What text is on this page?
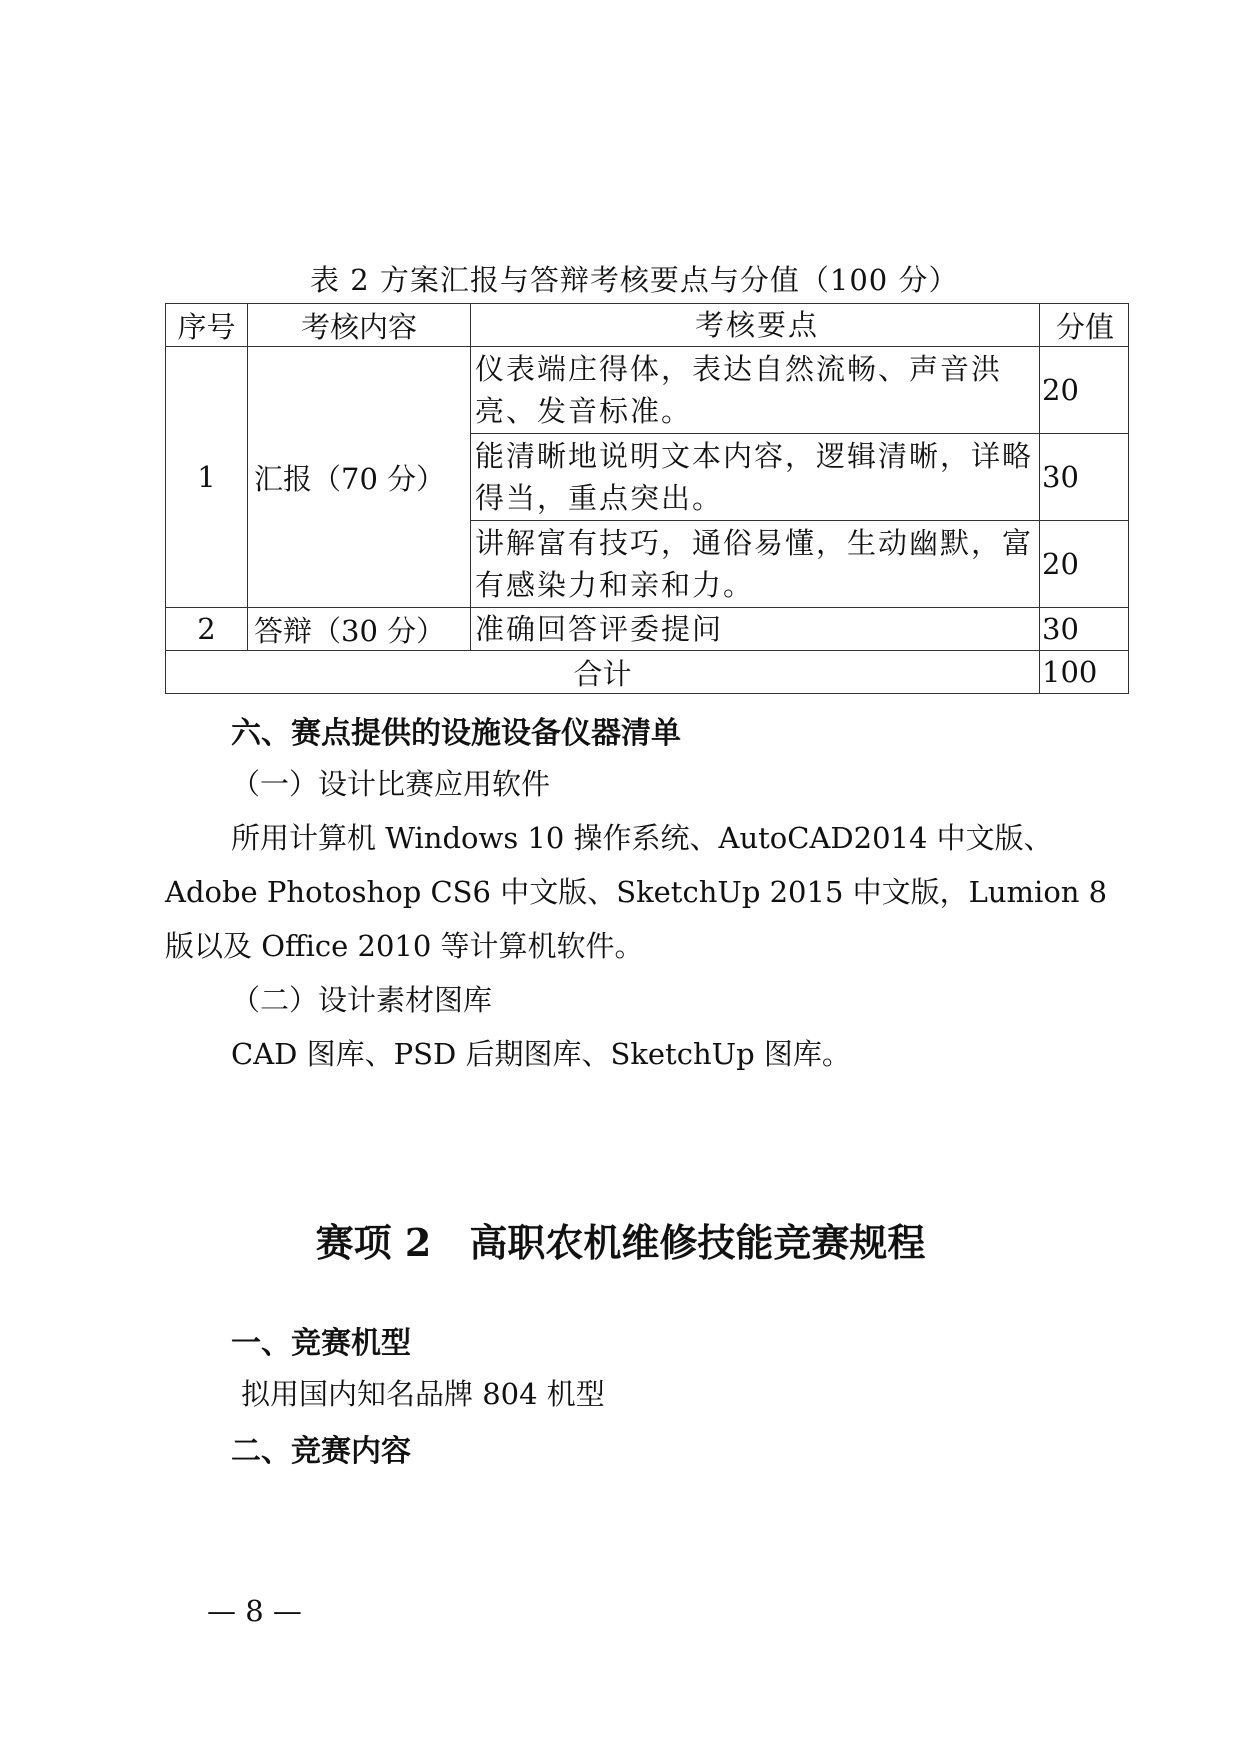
表 2 方案汇报与答辩考核要点与分值（100 分）
序号	考核内容	考核要点	分值
1	汇报（70 分）	仪表端庄得体，表达自然流畅、声音洪亮、发音标准。	20
		能清晰地说明文本内容，逻辑清晰，详略得当，重点突出。	30
		讲解富有技巧，通俗易懂，生动幽默，富有感染力和亲和力。	20
2	答辩（30 分）	准确回答评委提问	30
合计			100
六、赛点提供的设施设备仪器清单
（一）设计比赛应用软件
所用计算机 Windows 10 操作系统、AutoCAD2014 中文版、
Adobe Photoshop CS6 中文版、SketchUp 2015 中文版，Lumion 8
版以及 Office 2010 等计算机软件。
（二）设计素材图库
CAD 图库、PSD 后期图库、SketchUp 图库。
赛项 2　高职农机维修技能竞赛规程
一、竞赛机型
拟用国内知名品牌 804 机型
二、竞赛内容
— 8 —
